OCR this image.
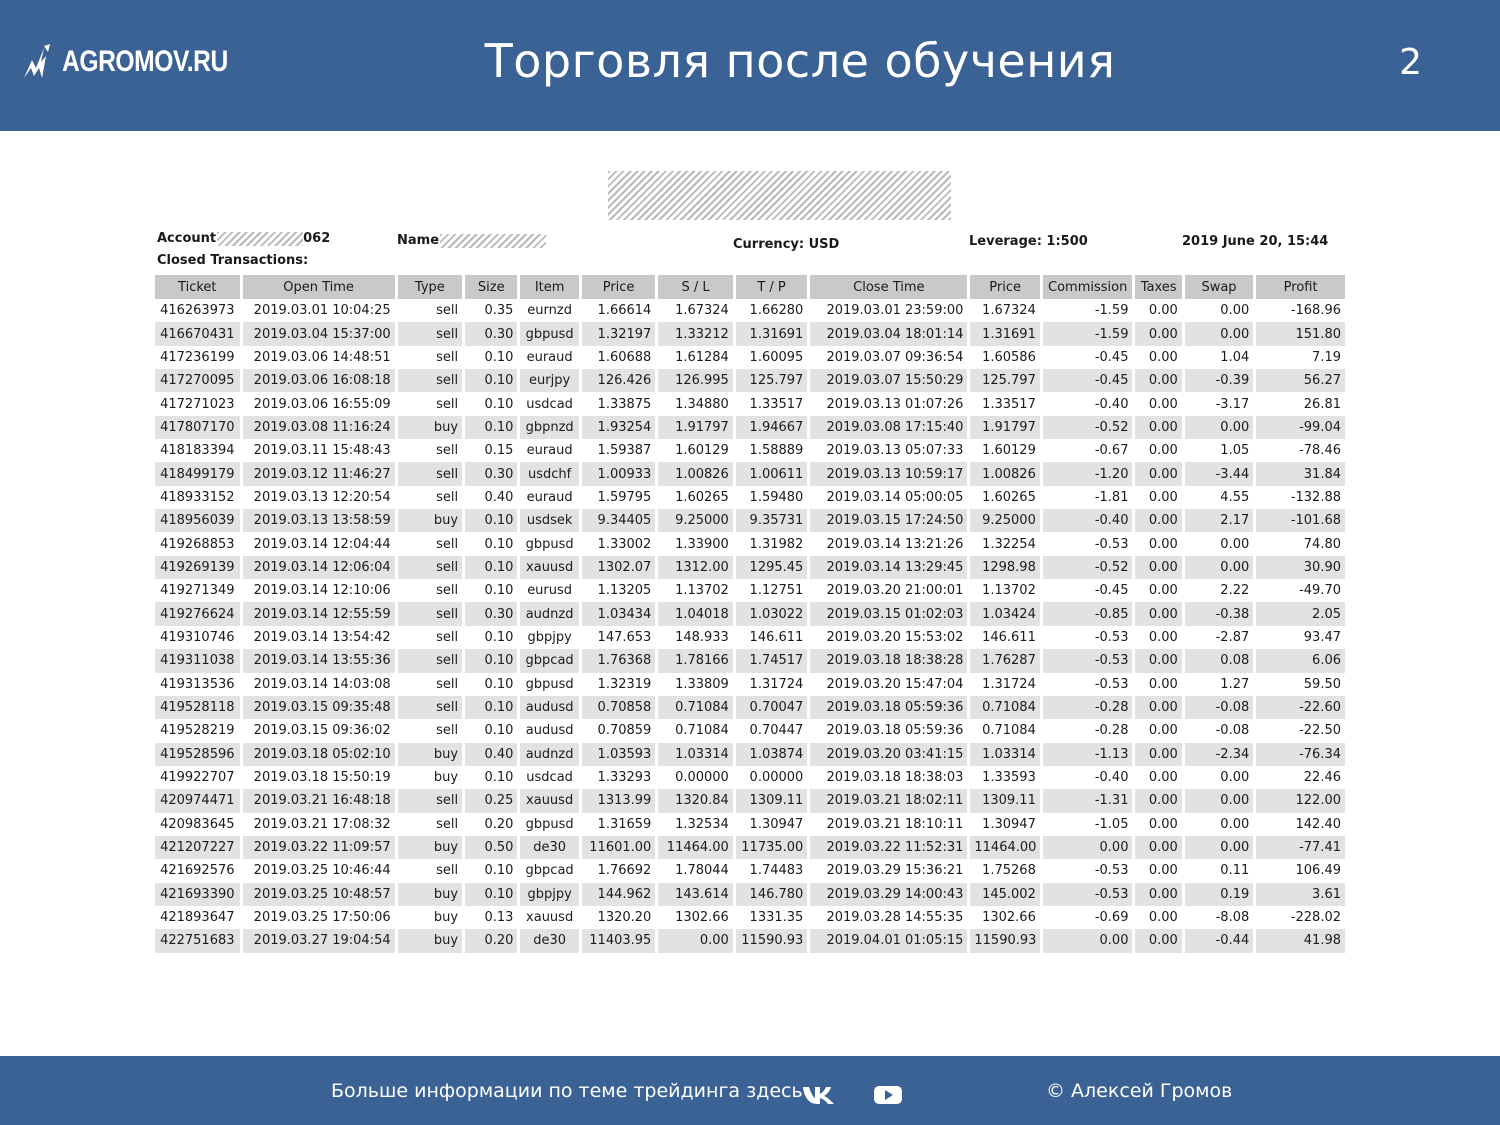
AGROMOV.RU	Торговля после обучения	2
Account	062	Name	Currency: USD	Leverage: 1:500	2019 June 20, 15:44
Closed Transactions:
Ticket	Open Time	Type	Size	Item	Price	S / L	T / P	Close Time	Price	Commission	Taxes	Swap	Profit
416263973	2019.03.01 10:04:25	sell	0.35	eurnzd	1.66614	1.67324	1.66280	2019.03.01 23:59:00	1.67324	-1.59	0.00	0.00	-168.96
416670431	2019.03.04 15:37:00	sell	0.30	gbpusd	1.32197	1.33212	1.31691	2019.03.04 18:01:14	1.31691	-1.59	0.00	0.00	151.80
417236199	2019.03.06 14:48:51	sell	0.10	euraud	1.60688	1.61284	1.60095	2019.03.07 09:36:54	1.60586	-0.45	0.00	1.04	7.19
417270095	2019.03.06 16:08:18	sell	0.10	eurjpy	126.426	126.995	125.797	2019.03.07 15:50:29	125.797	-0.45	0.00	-0.39	56.27
417271023	2019.03.06 16:55:09	sell	0.10	usdcad	1.33875	1.34880	1.33517	2019.03.13 01:07:26	1.33517	-0.40	0.00	-3.17	26.81
417807170	2019.03.08 11:16:24	buy	0.10	gbpnzd	1.93254	1.91797	1.94667	2019.03.08 17:15:40	1.91797	-0.52	0.00	0.00	-99.04
418183394	2019.03.11 15:48:43	sell	0.15	euraud	1.59387	1.60129	1.58889	2019.03.13 05:07:33	1.60129	-0.67	0.00	1.05	-78.46
418499179	2019.03.12 11:46:27	sell	0.30	usdchf	1.00933	1.00826	1.00611	2019.03.13 10:59:17	1.00826	-1.20	0.00	-3.44	31.84
418933152	2019.03.13 12:20:54	sell	0.40	euraud	1.59795	1.60265	1.59480	2019.03.14 05:00:05	1.60265	-1.81	0.00	4.55	-132.88
418956039	2019.03.13 13:58:59	buy	0.10	usdsek	9.34405	9.25000	9.35731	2019.03.15 17:24:50	9.25000	-0.40	0.00	2.17	-101.68
419268853	2019.03.14 12:04:44	sell	0.10	gbpusd	1.33002	1.33900	1.31982	2019.03.14 13:21:26	1.32254	-0.53	0.00	0.00	74.80
419269139	2019.03.14 12:06:04	sell	0.10	xauusd	1302.07	1312.00	1295.45	2019.03.14 13:29:45	1298.98	-0.52	0.00	0.00	30.90
419271349	2019.03.14 12:10:06	sell	0.10	eurusd	1.13205	1.13702	1.12751	2019.03.20 21:00:01	1.13702	-0.45	0.00	2.22	-49.70
419276624	2019.03.14 12:55:59	sell	0.30	audnzd	1.03434	1.04018	1.03022	2019.03.15 01:02:03	1.03424	-0.85	0.00	-0.38	2.05
419310746	2019.03.14 13:54:42	sell	0.10	gbpjpy	147.653	148.933	146.611	2019.03.20 15:53:02	146.611	-0.53	0.00	-2.87	93.47
419311038	2019.03.14 13:55:36	sell	0.10	gbpcad	1.76368	1.78166	1.74517	2019.03.18 18:38:28	1.76287	-0.53	0.00	0.08	6.06
419313536	2019.03.14 14:03:08	sell	0.10	gbpusd	1.32319	1.33809	1.31724	2019.03.20 15:47:04	1.31724	-0.53	0.00	1.27	59.50
419528118	2019.03.15 09:35:48	sell	0.10	audusd	0.70858	0.71084	0.70047	2019.03.18 05:59:36	0.71084	-0.28	0.00	-0.08	-22.60
419528219	2019.03.15 09:36:02	sell	0.10	audusd	0.70859	0.71084	0.70447	2019.03.18 05:59:36	0.71084	-0.28	0.00	-0.08	-22.50
419528596	2019.03.18 05:02:10	buy	0.40	audnzd	1.03593	1.03314	1.03874	2019.03.20 03:41:15	1.03314	-1.13	0.00	-2.34	-76.34
419922707	2019.03.18 15:50:19	buy	0.10	usdcad	1.33293	0.00000	0.00000	2019.03.18 18:38:03	1.33593	-0.40	0.00	0.00	22.46
420974471	2019.03.21 16:48:18	sell	0.25	xauusd	1313.99	1320.84	1309.11	2019.03.21 18:02:11	1309.11	-1.31	0.00	0.00	122.00
420983645	2019.03.21 17:08:32	sell	0.20	gbpusd	1.31659	1.32534	1.30947	2019.03.21 18:10:11	1.30947	-1.05	0.00	0.00	142.40
421207227	2019.03.22 11:09:57	buy	0.50	de30	11601.00	11464.00	11735.00	2019.03.22 11:52:31	11464.00	0.00	0.00	0.00	-77.41
421692576	2019.03.25 10:46:44	sell	0.10	gbpcad	1.76692	1.78044	1.74483	2019.03.29 15:36:21	1.75268	-0.53	0.00	0.11	106.49
421693390	2019.03.25 10:48:57	buy	0.10	gbpjpy	144.962	143.614	146.780	2019.03.29 14:00:43	145.002	-0.53	0.00	0.19	3.61
421893647	2019.03.25 17:50:06	buy	0.13	xauusd	1320.20	1302.66	1331.35	2019.03.28 14:55:35	1302.66	-0.69	0.00	-8.08	-228.02
422751683	2019.03.27 19:04:54	buy	0.20	de30	11403.95	0.00	11590.93	2019.04.01 01:05:15	11590.93	0.00	0.00	-0.44	41.98
Больше информации по теме трейдинга здесь	© Алексей Громов
